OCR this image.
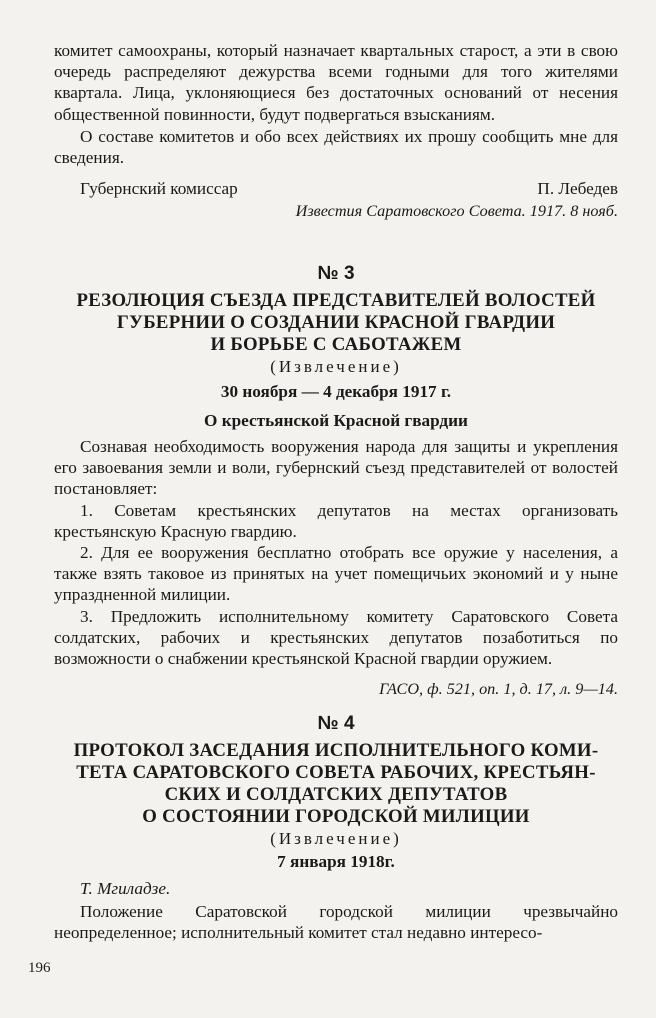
комитет самоохраны, который назначает квартальных старост, а эти в свою очередь распределяют дежурства всеми годными для того жителями квартала. Лица, уклоняющиеся без достаточных оснований от несения общественной повинности, будут подвергаться взысканиям.

О составе комитетов и обо всех действиях их прошу сообщить мне для сведения.

Губернский комиссар	П. Лебедев

Известия Саратовского Совета. 1917. 8 нояб.

№ 3

РЕЗОЛЮЦИЯ СЪЕЗДА ПРЕДСТАВИТЕЛЕЙ ВОЛОСТЕЙ

ГУБЕРНИИ О СОЗДАНИИ КРАСНОЙ ГВАРДИИ

И БОРЬБЕ С САБОТАЖЕМ

(Извлечение)

30 ноября — 4 декабря 1917 г.

О крестьянской Красной гвардии

Сознавая необходимость вооружения народа для защиты и укрепления его завоевания земли и воли, губернский съезд представителей от волостей постановляет:

1. Советам крестьянских депутатов на местах организовать крестьянскую Красную гвардию.

2. Для ее вооружения бесплатно отобрать все оружие у населения, а также взять таковое из принятых на учет помещичьих экономий и у ныне упраздненной милиции.

3. Предложить исполнительному комитету Саратовского Совета солдатских, рабочих и крестьянских депутатов позаботиться по возможности о снабжении крестьянской Красной гвардии оружием.

ГАСО, ф. 521, оп. 1, д. 17, л. 9—14.

№ 4

ПРОТОКОЛ ЗАСЕДАНИЯ ИСПОЛНИТЕЛЬНОГО КОМИ-

ТЕТА САРАТОВСКОГО СОВЕТА РАБОЧИХ, КРЕСТЬЯН-

СКИХ И СОЛДАТСКИХ ДЕПУТАТОВ

О СОСТОЯНИИ ГОРОДСКОЙ МИЛИЦИИ

(Извлечение)

7 января 1918г.

Т. Мгиладзе.

Положение Саратовской городской милиции чрезвычайно неопределенное; исполнительный комитет стал недавно интересо-

196
